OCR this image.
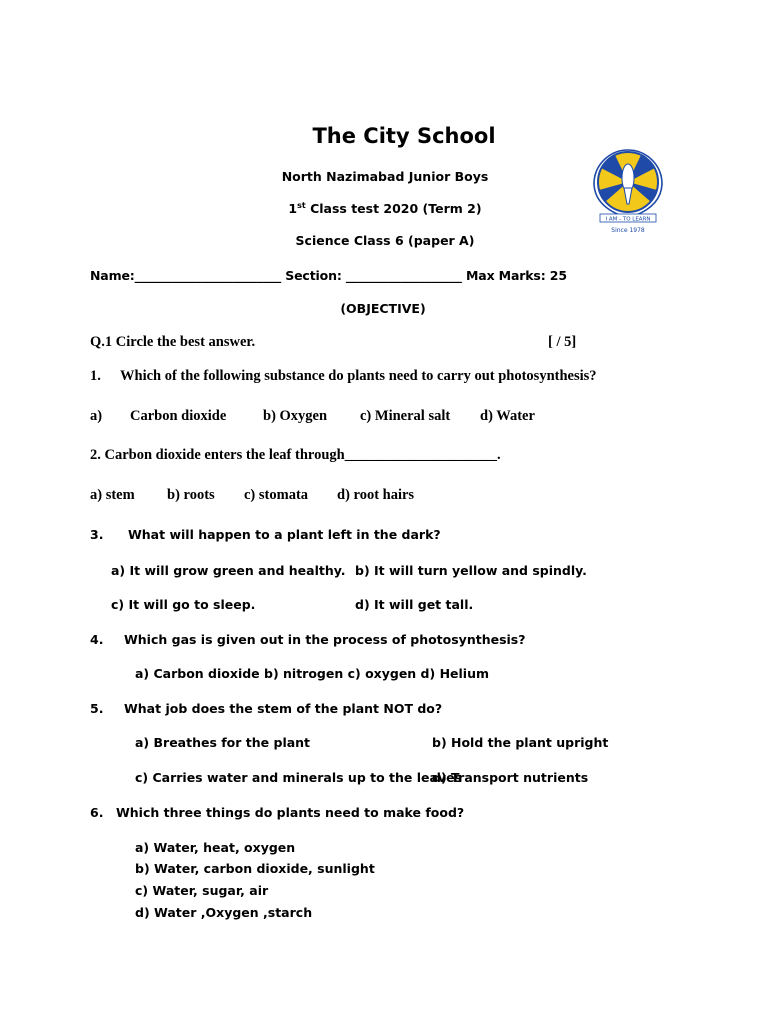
The City School
North Nazimabad Junior Boys
1st Class test 2020 (Term 2)
Science Class 6 (paper A)
Name:________________________ Section: ___________________ Max Marks: 25
(OBJECTIVE)
I AM - TO LEARN
Since 1978
Q.1 Circle the best answer.	[ / 5]
1. Which of the following substance do plants need to carry out photosynthesis?
a) Carbon dioxide	b) Oxygen c) Mineral salt d) Water
2. Carbon dioxide enters the leaf through_____________________.
a) stem b) roots c) stomata d) root hairs
3. What will happen to a plant left in the dark?
a) It will grow green and healthy. b) It will turn yellow and spindly.
c) It will go to sleep.	d) It will get tall.
4. Which gas is given out in the process of photosynthesis?
a) Carbon dioxide b) nitrogen c) oxygen d) Helium
5. What job does the stem of the plant NOT do?
a) Breathes for the plant	b) Hold the plant upright
c) Carries water and minerals up to the leaves
d) Transport nutrients
6. Which three things do plants need to make food?
a) Water, heat, oxygen
b) Water, carbon dioxide, sunlight
c) Water, sugar, air
d) Water ,Oxygen ,starch
